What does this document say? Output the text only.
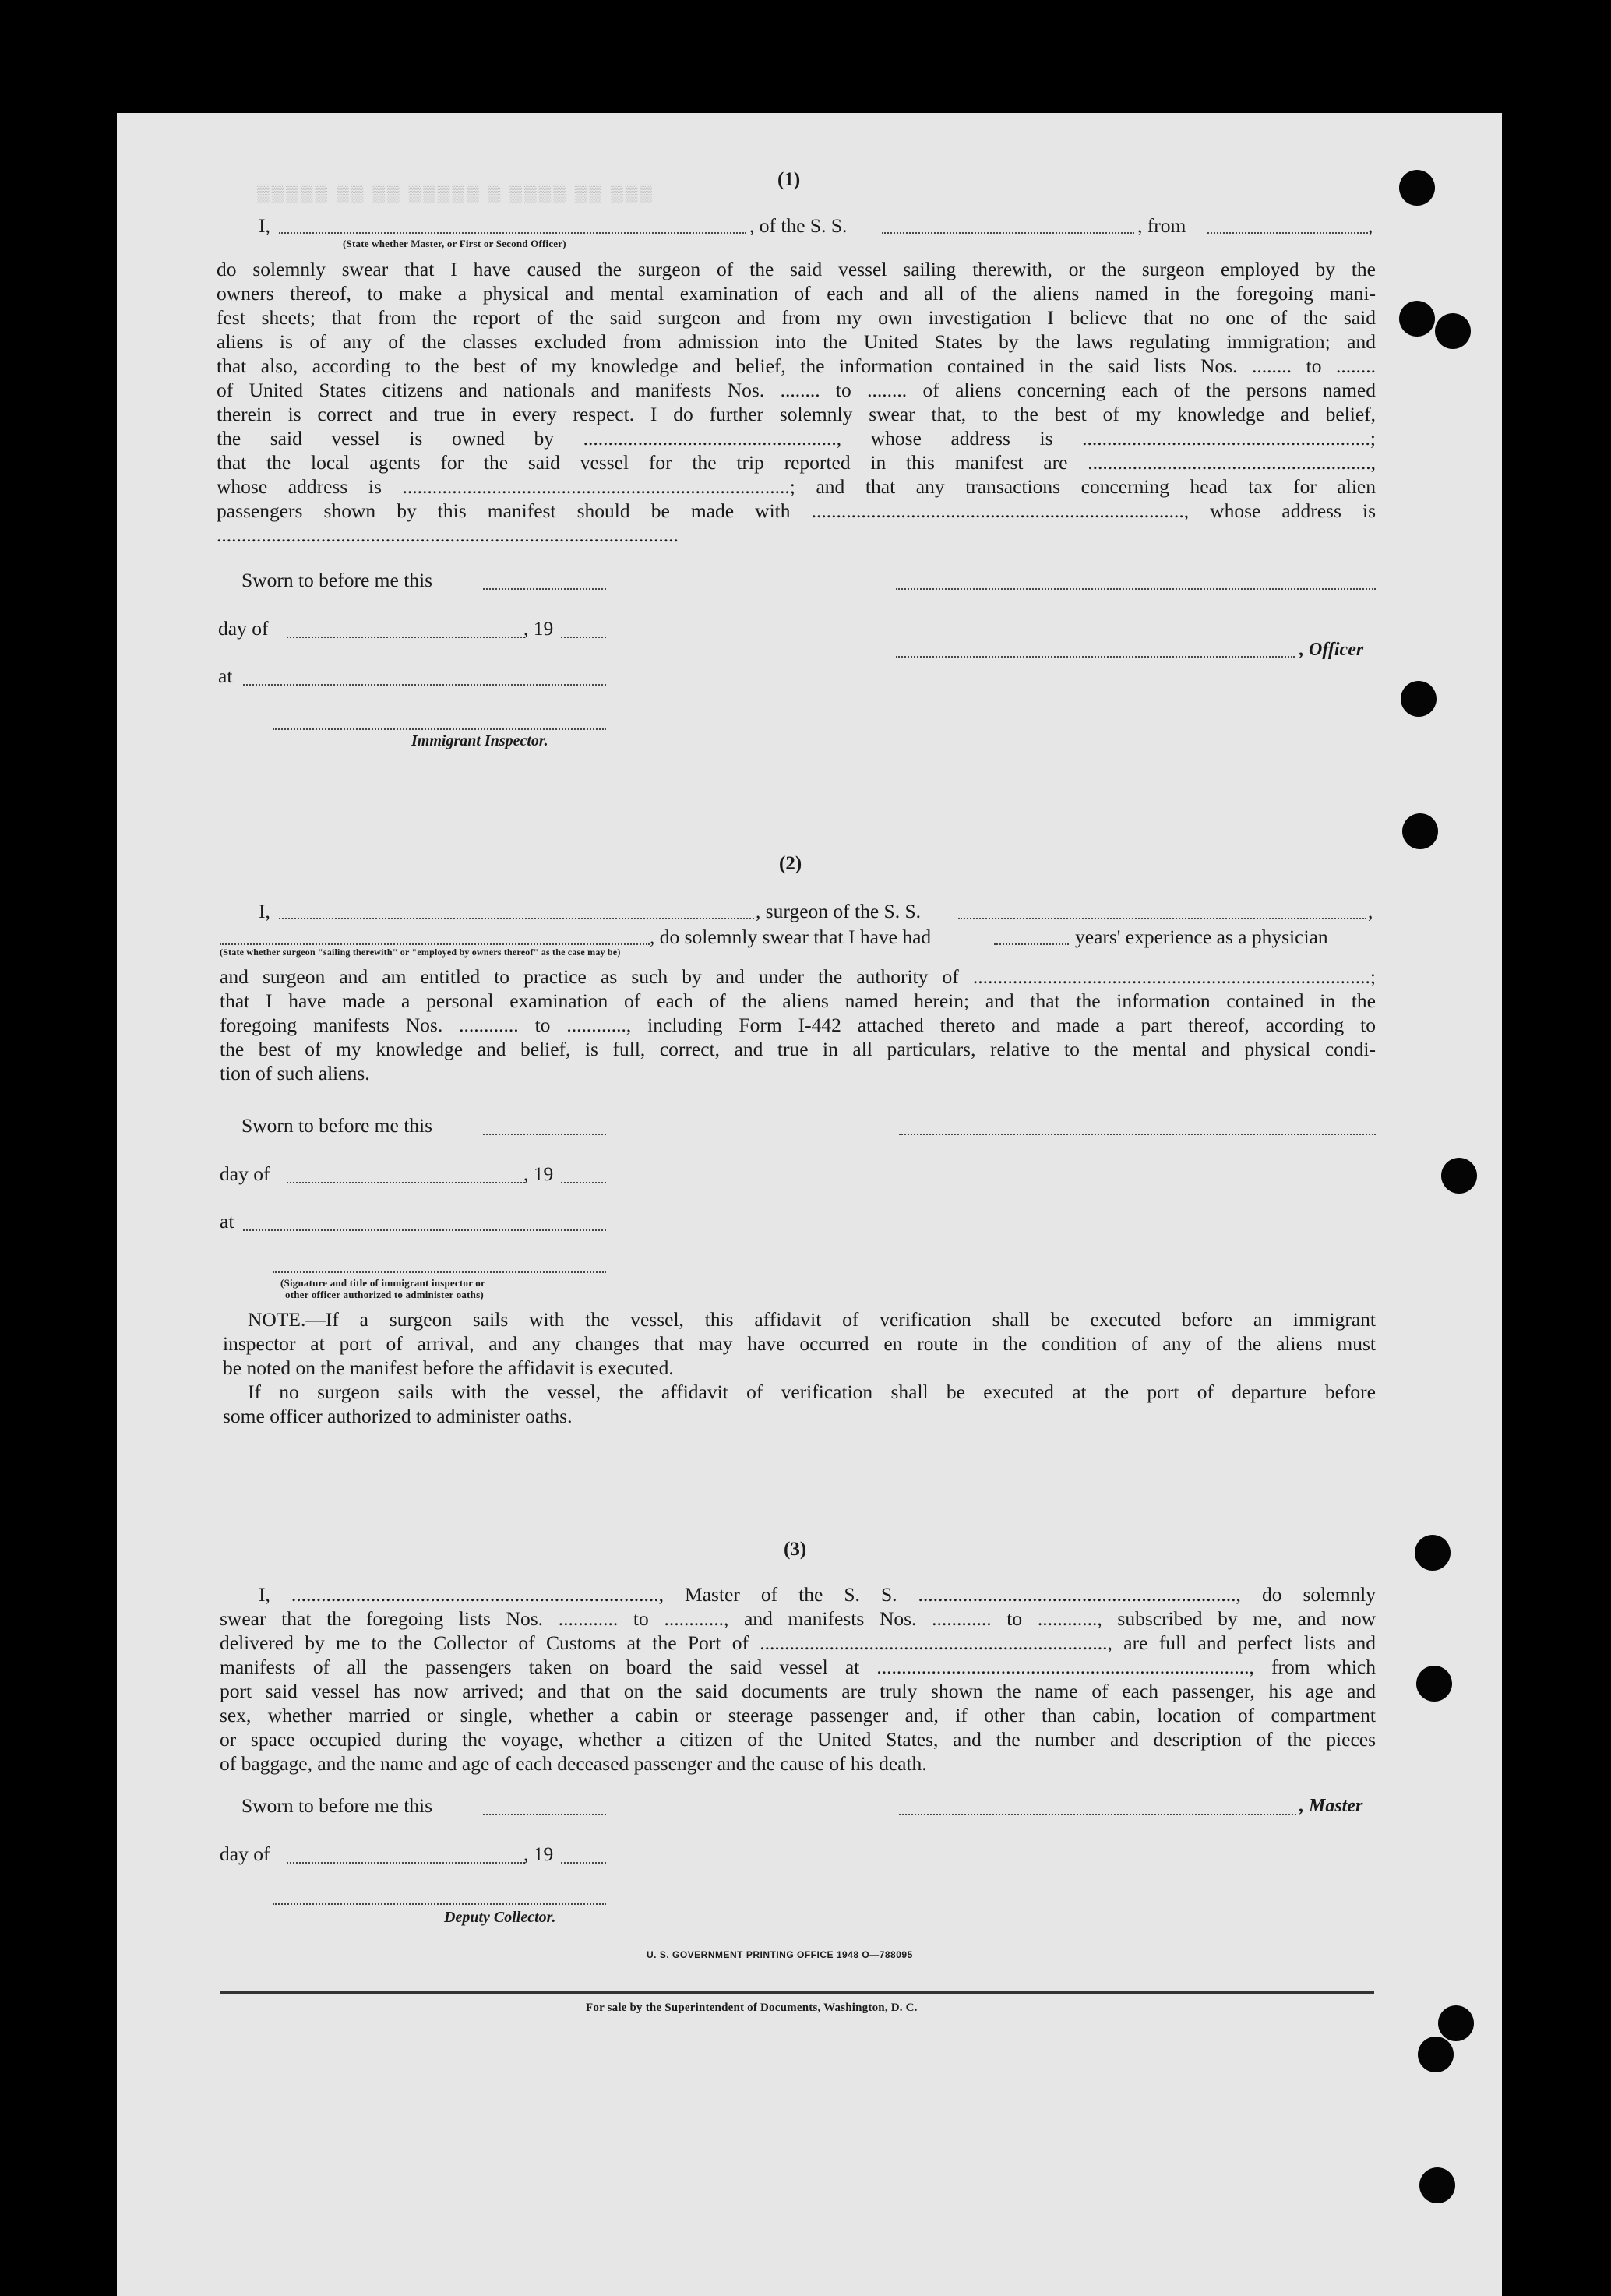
▒▒▒▒▒ ▒▒ ▒▒ ▒▒▒▒▒ ▒ ▒▒▒▒ ▒▒ ▒▒▒
(1)
I,	, of the S. S.	, from	,
(State whether Master, or First or Second Officer)
do solemnly swear that I have caused the surgeon of the said vessel sailing therewith, or the surgeon employed by the
owners thereof, to make a physical and mental examination of each and all of the aliens named in the foregoing mani-
fest sheets; that from the report of the said surgeon and from my own investigation I believe that no one of the said
aliens is of any of the classes excluded from admission into the United States by the laws regulating immigration; and
that also, according to the best of my knowledge and belief, the information contained in the said lists Nos. ........ to ........
of United States citizens and nationals and manifests Nos. ........ to ........ of aliens concerning each of the persons named
therein is correct and true in every respect. I do further solemnly swear that, to the best of my knowledge and belief,
the said vessel is owned by ..................................................., whose address is ..........................................................;
that the local agents for the said vessel for the trip reported in this manifest are .........................................................,
whose address is ..............................................................................; and that any transactions concerning head tax for alien
passengers shown by this manifest should be made with ..........................................................................., whose address is
.............................................................................................
Sworn to before me this
day of	, 19
, Officer
at
Immigrant Inspector.
(2)
I,	, surgeon of the S. S.	,
, do solemnly swear that I have had	years' experience as a physician
(State whether surgeon "sailing therewith" or "employed by owners thereof" as the case may be)
and surgeon and am entitled to practice as such by and under the authority of ................................................................................;
that I have made a personal examination of each of the aliens named herein; and that the information contained in the
foregoing manifests Nos. ............ to ............, including Form I-442 attached thereto and made a part thereof, according to
the best of my knowledge and belief, is full, correct, and true in all particulars, relative to the mental and physical condi-
tion of such aliens.
Sworn to before me this
day of	, 19
at
(Signature and title of immigrant inspector or
other officer authorized to administer oaths)
NOTE.—If a surgeon sails with the vessel, this affidavit of verification shall be executed before an immigrant
inspector at port of arrival, and any changes that may have occurred en route in the condition of any of the aliens must
be noted on the manifest before the affidavit is executed.
If no surgeon sails with the vessel, the affidavit of verification shall be executed at the port of departure before
some officer authorized to administer oaths.
(3)
I, .........................................................................., Master of the S. S. ................................................................, do solemnly
swear that the foregoing lists Nos. ............ to ............, and manifests Nos. ............ to ............, subscribed by me, and now
delivered by me to the Collector of Customs at the Port of ......................................................................, are full and perfect lists and
manifests of all the passengers taken on board the said vessel at ..........................................................................., from which
port said vessel has now arrived; and that on the said documents are truly shown the name of each passenger, his age and
sex, whether married or single, whether a cabin or steerage passenger and, if other than cabin, location of compartment
or space occupied during the voyage, whether a citizen of the United States, and the number and description of the pieces
of baggage, and the name and age of each deceased passenger and the cause of his death.
Sworn to before me this	, Master
day of	, 19
Deputy Collector.
U. S. GOVERNMENT PRINTING OFFICE 1948 O—788095
For sale by the Superintendent of Documents, Washington, D. C.
